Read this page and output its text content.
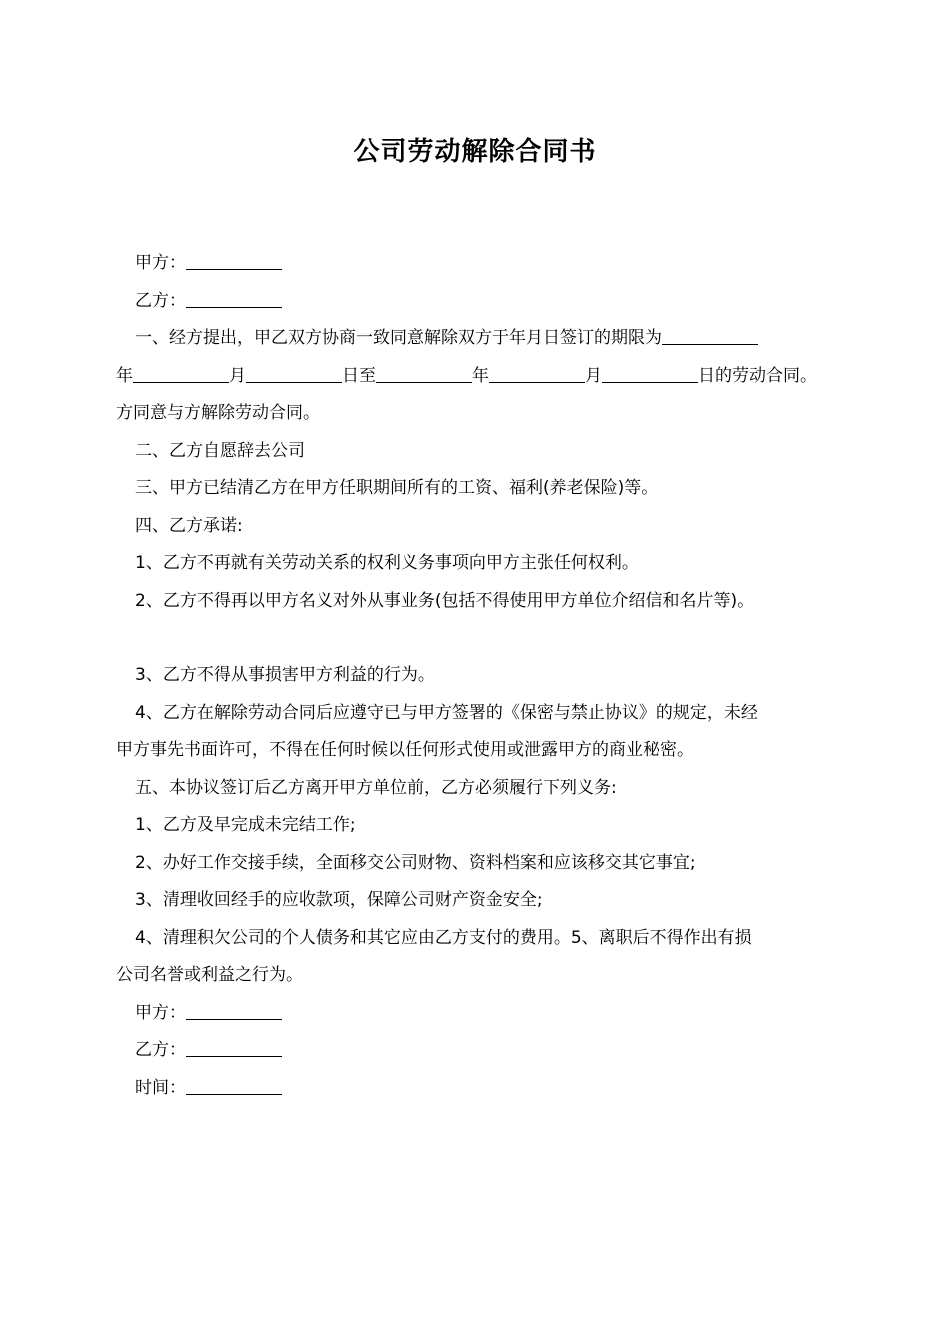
公司劳动解除合同书

甲方：

乙方：

一、经方提出，甲乙双方协商一致同意解除双方于年月日签订的期限为

年	月	日至	年	月	日的劳动合同。

方同意与方解除劳动合同。

二、乙方自愿辞去公司

三、甲方已结清乙方在甲方任职期间所有的工资、福利(养老保险)等。

四、乙方承诺:

1、乙方不再就有关劳动关系的权利义务事项向甲方主张任何权利。

2、乙方不得再以甲方名义对外从事业务(包括不得使用甲方单位介绍信和名片等)。

3、乙方不得从事损害甲方利益的行为。

4、乙方在解除劳动合同后应遵守已与甲方签署的《保密与禁止协议》的规定，未经

甲方事先书面许可，不得在任何时候以任何形式使用或泄露甲方的商业秘密。

五、本协议签订后乙方离开甲方单位前，乙方必须履行下列义务:

1、乙方及早完成未完结工作;

2、办好工作交接手续，全面移交公司财物、资料档案和应该移交其它事宜;

3、清理收回经手的应收款项，保障公司财产资金安全;

4、清理积欠公司的个人债务和其它应由乙方支付的费用。5、离职后不得作出有损

公司名誉或利益之行为。

甲方：

乙方：

时间：
